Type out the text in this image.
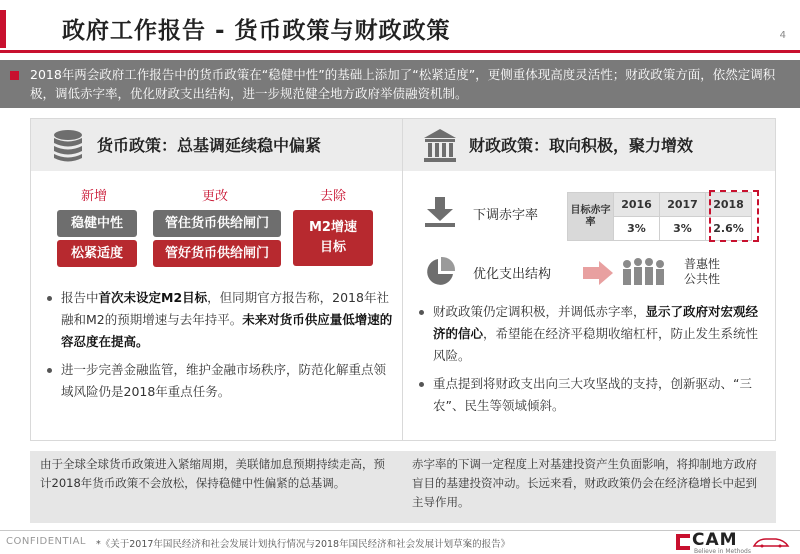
政府工作报告 - 货币政策与财政政策	4
2018年两会政府工作报告中的货币政策在“稳健中性”的基础上添加了“松紧适度”，更侧重体现高度灵活性；财政政策方面，依然定调积极，调低赤字率，优化财政支出结构，进一步规范健全地方政府举债融资机制。
货币政策：总基调延续稳中偏紧
新增	更改	去除
稳健中性
松紧适度
管住货币供给闸门
管好货币供给闸门
M2增速
目标
报告中首次未设定M2目标，但同期官方报告称，2018年社融和M2的预期增速与去年持平。未来对货币供应量低增速的容忍度在提高。
进一步完善金融监管，维护金融市场秩序，防范化解重点领域风险仍是2018年重点任务。
财政政策：取向积极，聚力增效
下调赤字率	目标赤字率	2016	2017	2018
	3%	3%	2.6%
优化支出结构
普惠性
公共性
财政政策仍定调积极，并调低赤字率，显示了政府对宏观经济的信心，希望能在经济平稳期收缩杠杆，防止发生系统性风险。
重点提到将财政支出向三大攻坚战的支持，创新驱动、“三农”、民生等领域倾斜。
由于全球全球货币政策进入紧缩周期，美联储加息预期持续走高，预计2018年货币政策不会放松，保持稳健中性偏紧的总基调。
赤字率的下调一定程度上对基建投资产生负面影响，将抑制地方政府盲目的基建投资冲动。长远来看，财政政策仍会在经济稳增长中起到主导作用。
CONFIDENTIAL *《关于2017年国民经济和社会发展计划执行情况与2018年国民经济和社会发展计划草案的报告》	CAM
Believe in Methods
